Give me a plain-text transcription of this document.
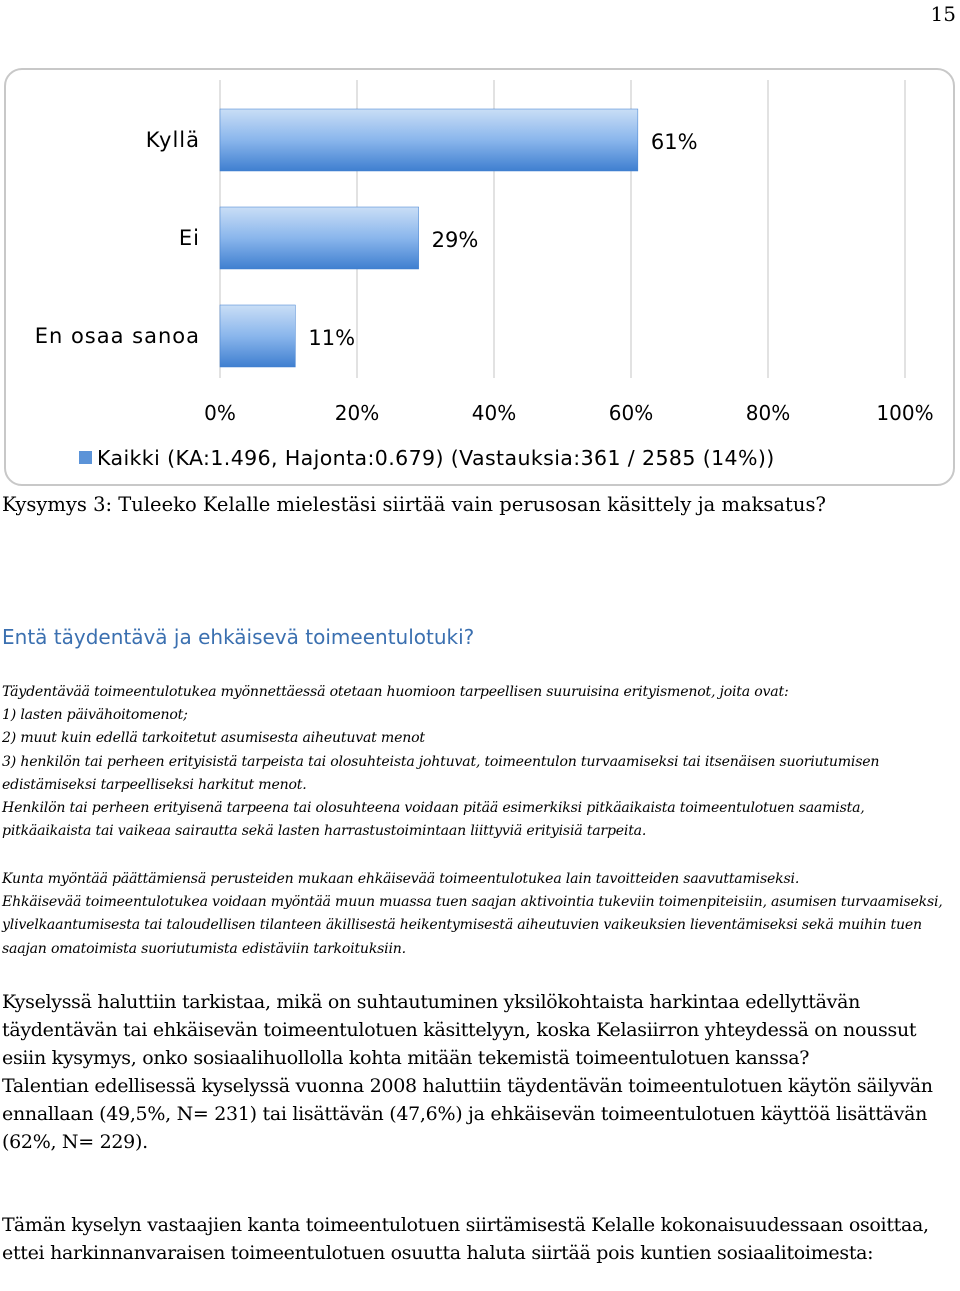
15
0%	20%	40%	60%	80%	100%
Kyllä	61%
Ei	29%
En osaa sanoa	11%
Kaikki (KA:1.496, Hajonta:0.679) (Vastauksia:361 / 2585 (14%))
Kysymys 3: Tuleeko Kelalle mielestäsi siirtää vain perusosan käsittely ja maksatus?
Entä täydentävä ja ehkäisevä toimeentulotuki?

Täydentävää toimeentulotukea myönnettäessä otetaan huomioon tarpeellisen suuruisina erityismenot, joita ovat:

1) lasten päivähoitomenot;

2) muut kuin edellä tarkoitetut asumisesta aiheutuvat menot

3) henkilön tai perheen erityisistä tarpeista tai olosuhteista johtuvat, toimeentulon turvaamiseksi tai itsenäisen suoriutumisen edistämiseksi tarpeelliseksi harkitut menot.

Henkilön tai perheen erityisenä tarpeena tai olosuhteena voidaan pitää esimerkiksi pitkäaikaista toimeentulotuen saamista, pitkäaikaista tai vaikeaa sairautta sekä lasten harrastustoimintaan liittyviä erityisiä tarpeita.

Kunta myöntää päättämiensä perusteiden mukaan ehkäisevää toimeentulotukea lain tavoitteiden saavuttamiseksi.

Ehkäisevää toimeentulotukea voidaan myöntää muun muassa tuen saajan aktivointia tukeviin toimenpiteisiin, asumisen turvaamiseksi, ylivelkaantumisesta tai taloudellisen tilanteen äkillisestä heikentymisestä aiheutuvien vaikeuksien lieventämiseksi sekä muihin tuen saajan omatoimista suoriutumista edistäviin tarkoituksiin.

Kyselyssä haluttiin tarkistaa, mikä on suhtautuminen yksilökohtaista harkintaa edellyttävän täydentävän tai ehkäisevän toimeentulotuen käsittelyyn, koska Kelasiirron yhteydessä on noussut esiin kysymys, onko sosiaalihuollolla kohta mitään tekemistä toimeentulotuen kanssa?

Talentian edellisessä kyselyssä vuonna 2008 haluttiin täydentävän toimeentulotuen käytön säilyvän ennallaan (49,5%, N= 231) tai lisättävän (47,6%) ja ehkäisevän toimeentulotuen käyttöä lisättävän (62%, N= 229).

Tämän kyselyn vastaajien kanta toimeentulotuen siirtämisestä Kelalle kokonaisuudessaan osoittaa, ettei harkinnanvaraisen toimeentulotuen osuutta haluta siirtää pois kuntien sosiaalitoimesta:
